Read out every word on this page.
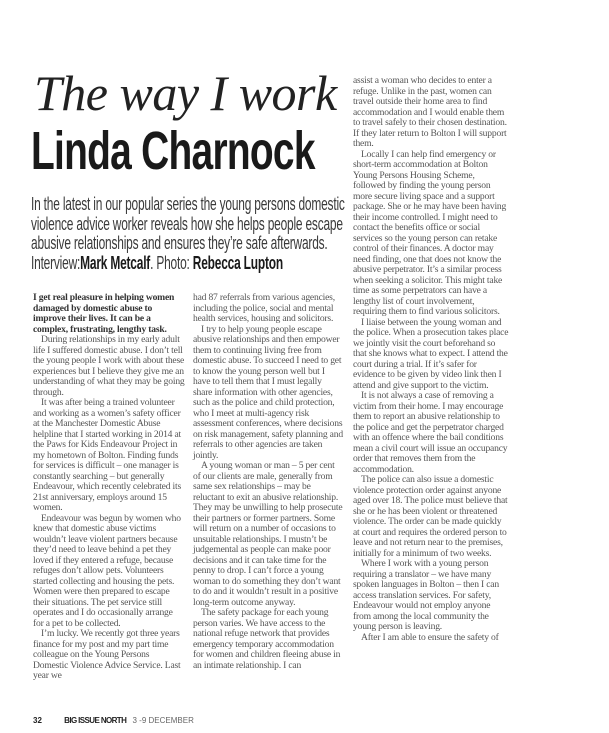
The way I work
Linda Charnock
In the latest in our popular series the young persons domestic violence advice worker reveals how she helps people escape abusive relationships and ensures they’re safe afterwards. Interview:Mark Metcalf. Photo: Rebecca Lupton

I get real pleasure in helping women damaged by domestic abuse to improve their lives. It can be a complex, frustrating, lengthy task.

During relationships in my early adult life I suffered domestic abuse. I don’t tell the young people I work with about these experiences but I believe they give me an understanding of what they may be going through.

It was after being a trained volunteer and working as a women’s safety officer at the Manchester Domestic Abuse helpline that I started working in 2014 at the Paws for Kids Endeavour Project in my hometown of Bolton. Finding funds for services is difficult – one manager is constantly searching – but generally Endeavour, which recently celebrated its 21st anniversary, employs around 15 women.

Endeavour was begun by women who knew that domestic abuse victims wouldn’t leave violent partners because they’d need to leave behind a pet they loved if they entered a refuge, because refuges don’t allow pets. Volunteers started collecting and housing the pets. Women were then prepared to escape their situations. The pet service still operates and I do occasionally arrange for a pet to be collected.

I’m lucky. We recently got three years finance for my post and my part time colleague on the Young Persons Domestic Violence Advice Service. Last year we

had 87 referrals from various agencies, including the police, social and mental health services, housing and solicitors.

I try to help young people escape abusive relationships and then empower them to continuing living free from domestic abuse. To succeed I need to get to know the young person well but I have to tell them that I must legally share information with other agencies, such as the police and child protection, who I meet at multi-agency risk assessment conferences, where decisions on risk management, safety planning and referrals to other agencies are taken jointly.

A young woman or man – 5 per cent of our clients are male, generally from same sex relationships – may be reluctant to exit an abusive relationship. They may be unwilling to help prosecute their partners or former partners. Some will return on a number of occasions to unsuitable relationships. I mustn’t be judgemental as people can make poor decisions and it can take time for the penny to drop. I can’t force a young woman to do something they don’t want to do and it wouldn’t result in a positive long-term outcome anyway.

The safety package for each young person varies. We have access to the national refuge network that provides emergency temporary accommodation for women and children fleeing abuse in an intimate relationship. I can

assist a woman who decides to enter a refuge. Unlike in the past, women can travel outside their home area to find accommodation and I would enable them to travel safely to their chosen destination. If they later return to Bolton I will support them.

Locally I can help find emergency or short-term accommodation at Bolton Young Persons Housing Scheme, followed by finding the young person more secure living space and a support package. She or he may have been having their income controlled. I might need to contact the benefits office or social services so the young person can retake control of their finances. A doctor may need finding, one that does not know the abusive perpetrator. It’s a similar process when seeking a solicitor. This might take time as some perpetrators can have a lengthy list of court involvement, requiring them to find various solicitors.

I liaise between the young woman and the police. When a prosecution takes place we jointly visit the court beforehand so that she knows what to expect. I attend the court during a trial. If it’s safer for evidence to be given by video link then I attend and give support to the victim.

It is not always a case of removing a victim from their home. I may encourage them to report an abusive relationship to the police and get the perpetrator charged with an offence where the bail conditions mean a civil court will issue an occupancy order that removes them from the accommodation.

The police can also issue a domestic violence protection order against anyone aged over 18. The police must believe that she or he has been violent or threatened violence. The order can be made quickly at court and requires the ordered person to leave and not return near to the premises, initially for a minimum of two weeks.

Where I work with a young person requiring a translator – we have many spoken languages in Bolton – then I can access translation services. For safety, Endeavour would not employ anyone from among the local community the young person is leaving.

After I am able to ensure the safety of

32	BIG ISSUE NORTH 3 -9 DECEMBER
